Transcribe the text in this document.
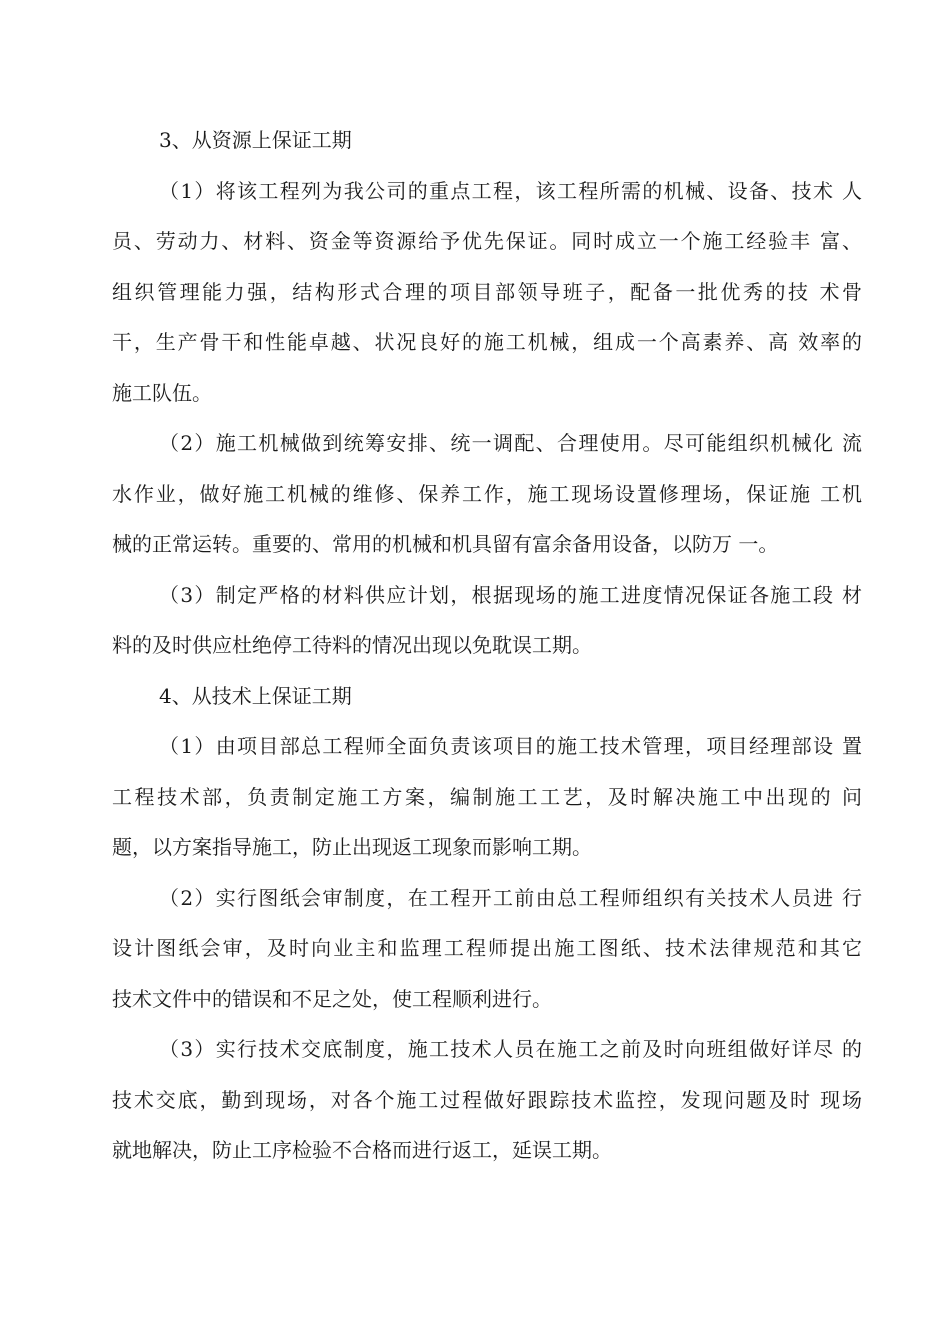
3、从资源上保证工期
（1）将该工程列为我公司的重点工程，该工程所需的机械、设备、技术 人
员、劳动力、材料、资金等资源给予优先保证。同时成立一个施工经验丰 富、
组织管理能力强，结构形式合理的项目部领导班子，配备一批优秀的技 术骨
干，生产骨干和性能卓越、状况良好的施工机械，组成一个高素养、高 效率的
施工队伍。
（2）施工机械做到统筹安排、统一调配、合理使用。尽可能组织机械化 流
水作业，做好施工机械的维修、保养工作，施工现场设置修理场，保证施 工机
械的正常运转。重要的、常用的机械和机具留有富余备用设备，以防万 一。
（3）制定严格的材料供应计划，根据现场的施工进度情况保证各施工段 材
料的及时供应杜绝停工待料的情况出现以免耽误工期。
4、从技术上保证工期
（1）由项目部总工程师全面负责该项目的施工技术管理，项目经理部设 置
工程技术部，负责制定施工方案，编制施工工艺，及时解决施工中出现的 问
题，以方案指导施工，防止出现返工现象而影响工期。
（2）实行图纸会审制度，在工程开工前由总工程师组织有关技术人员进 行
设计图纸会审，及时向业主和监理工程师提出施工图纸、技术法律规范和其它
技术文件中的错误和不足之处，使工程顺利进行。
（3）实行技术交底制度，施工技术人员在施工之前及时向班组做好详尽 的
技术交底，勤到现场，对各个施工过程做好跟踪技术监控，发现问题及时 现场
就地解决，防止工序检验不合格而进行返工，延误工期。
